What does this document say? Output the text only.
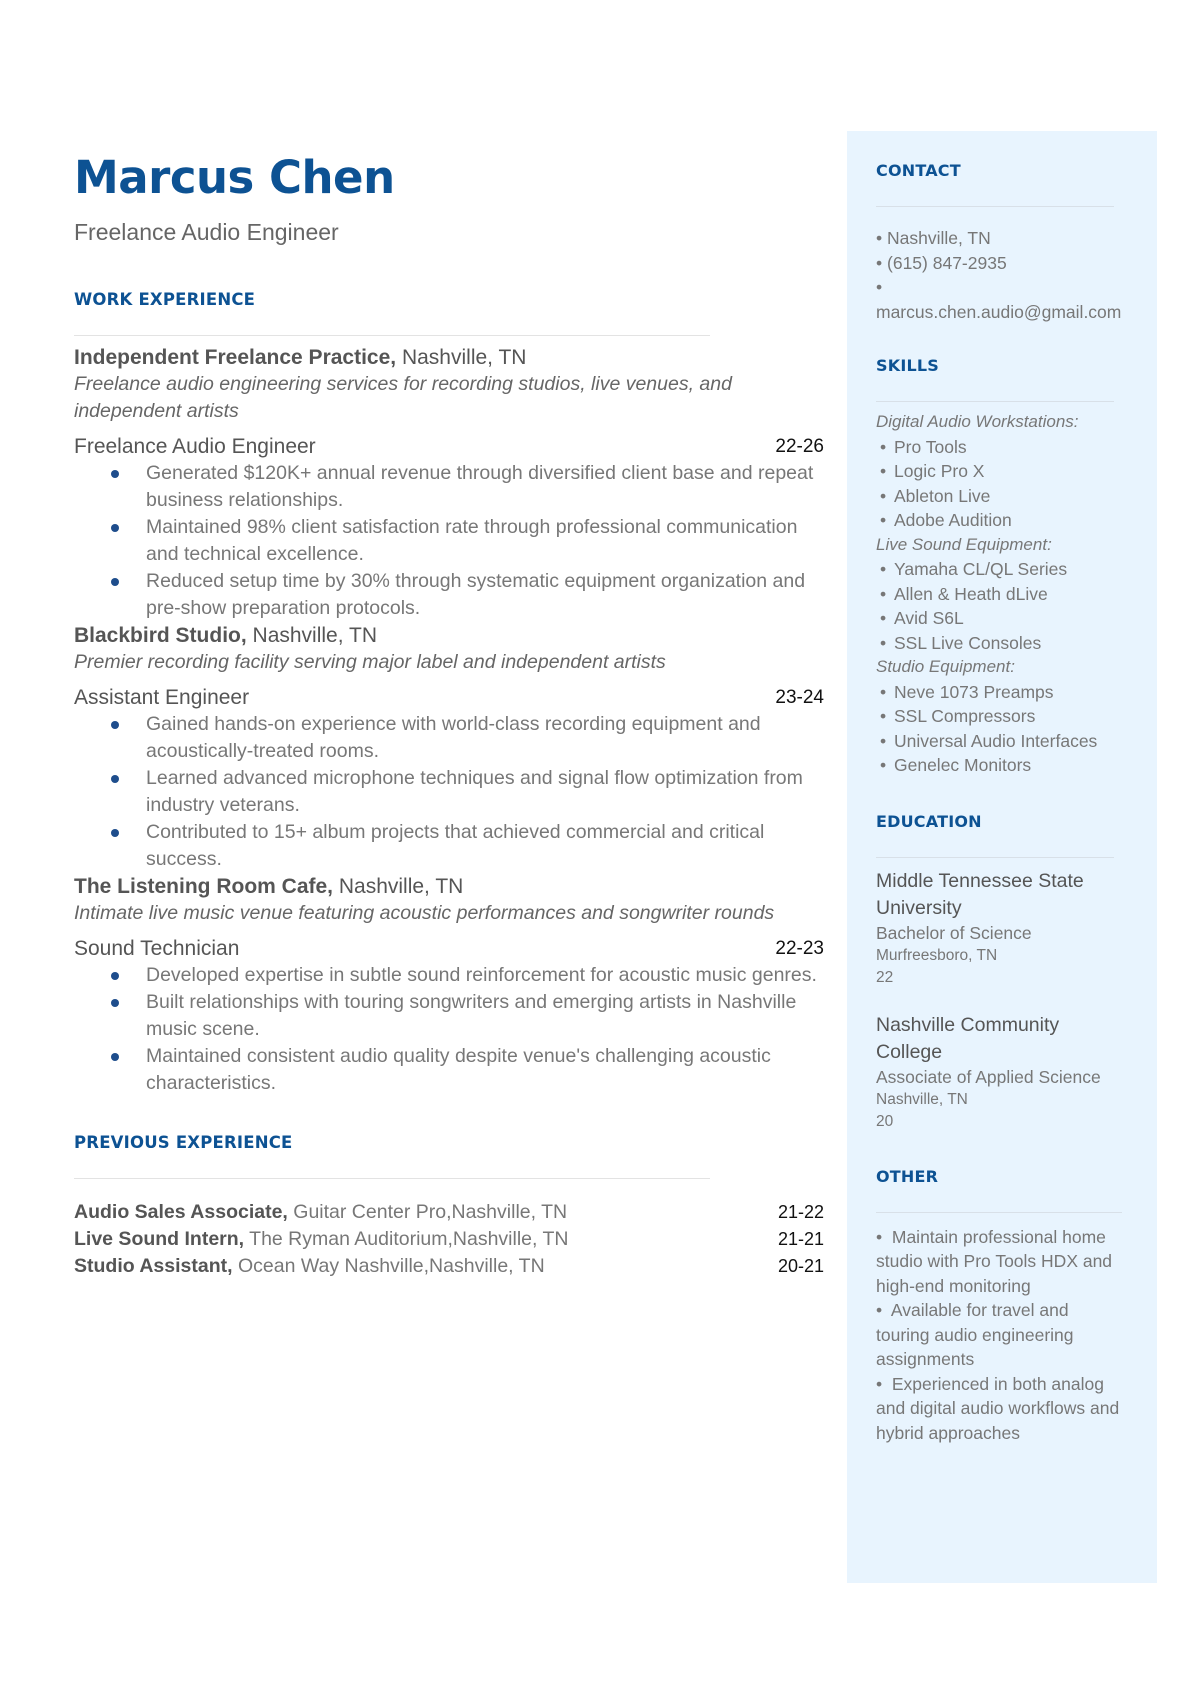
Marcus Chen
Freelance Audio Engineer
WORK EXPERIENCE
Independent Freelance Practice, Nashville, TN
Freelance audio engineering services for recording studios, live venues, and independent artists
Freelance Audio Engineer	22-26
Generated $120K+ annual revenue through diversified client base and repeat business relationships.
Maintained 98% client satisfaction rate through professional communication and technical excellence.
Reduced setup time by 30% through systematic equipment organization and pre-show preparation protocols.
Blackbird Studio, Nashville, TN
Premier recording facility serving major label and independent artists
Assistant Engineer	23-24
Gained hands-on experience with world-class recording equipment and acoustically-treated rooms.
Learned advanced microphone techniques and signal flow optimization from industry veterans.
Contributed to 15+ album projects that achieved commercial and critical success.
The Listening Room Cafe, Nashville, TN
Intimate live music venue featuring acoustic performances and songwriter rounds
Sound Technician	22-23
Developed expertise in subtle sound reinforcement for acoustic music genres.
Built relationships with touring songwriters and emerging artists in Nashville music scene.
Maintained consistent audio quality despite venue's challenging acoustic characteristics.
PREVIOUS EXPERIENCE
Audio Sales Associate, Guitar Center Pro,Nashville, TN	21-22
Live Sound Intern, The Ryman Auditorium,Nashville, TN	21-21
Studio Assistant, Ocean Way Nashville,Nashville, TN	20-21
CONTACT
• Nashville, TN
• (615) 847-2935
•
marcus.chen.audio@gmail.com
SKILLS
Digital Audio Workstations:
• Pro Tools
• Logic Pro X
• Ableton Live
• Adobe Audition
Live Sound Equipment:
• Yamaha CL/QL Series
• Allen & Heath dLive
• Avid S6L
• SSL Live Consoles
Studio Equipment:
• Neve 1073 Preamps
• SSL Compressors
• Universal Audio Interfaces
• Genelec Monitors
EDUCATION
Middle Tennessee State University
Bachelor of Science
Murfreesboro, TN
22
Nashville Community College
Associate of Applied Science
Nashville, TN
20
OTHER
• Maintain professional home studio with Pro Tools HDX and high-end monitoring
• Available for travel and touring audio engineering assignments
• Experienced in both analog and digital audio workflows and hybrid approaches
